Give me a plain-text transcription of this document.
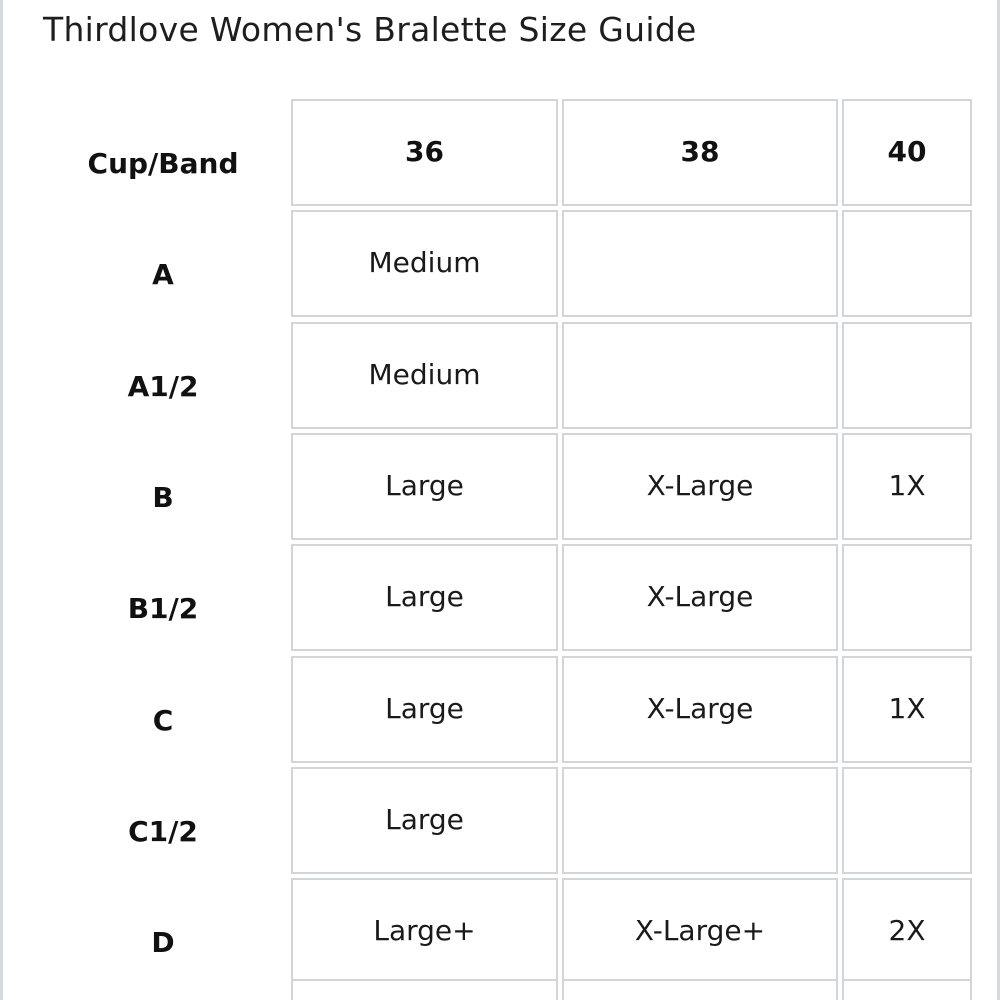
Thirdlove Women's Bralette Size Guide
Cup/Band	36	38	40
A	Medium
A1/2	Medium
B	Large	X-Large	1X
B1/2	Large	X-Large
C	Large	X-Large	1X
C1/2	Large
D	Large+	X-Large+	2X
